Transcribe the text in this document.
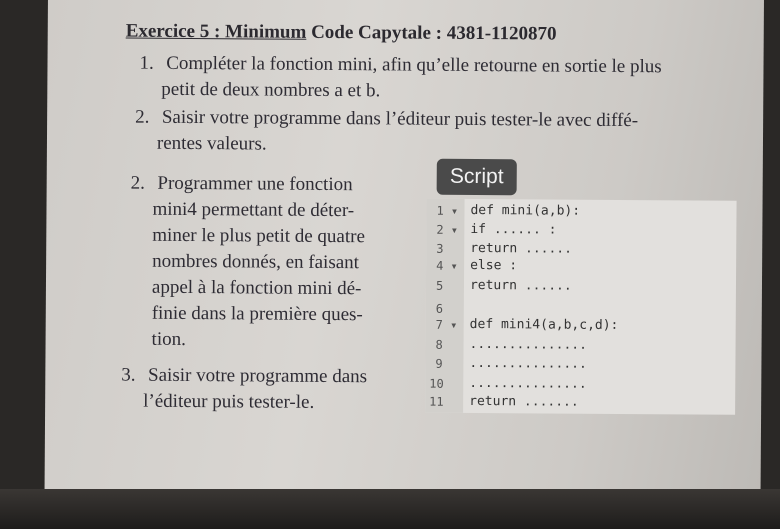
Exercice 5 : Minimum Code Capytale : 4381-1120870
1. Compléter la fonction mini, afin qu’elle retourne en sortie le plus
petit de deux nombres a et b.
2. Saisir votre programme dans l’éditeur puis tester-le avec diffé-
rentes valeurs.
2. Programmer une fonction
mini4 permettant de déter-
miner le plus petit de quatre
nombres donnés, en faisant
appel à la fonction mini dé-
finie dans la première ques-
tion.
3. Saisir votre programme dans
l’éditeur puis tester-le.
Script
1 ▾ def mini(a,b):
2 ▾ if ...... :
3 return ......
4 ▾ else :
5 return ......
6
7 ▾ def mini4(a,b,c,d):
8 ...............
9 ...............
10 ...............
11 return .......
